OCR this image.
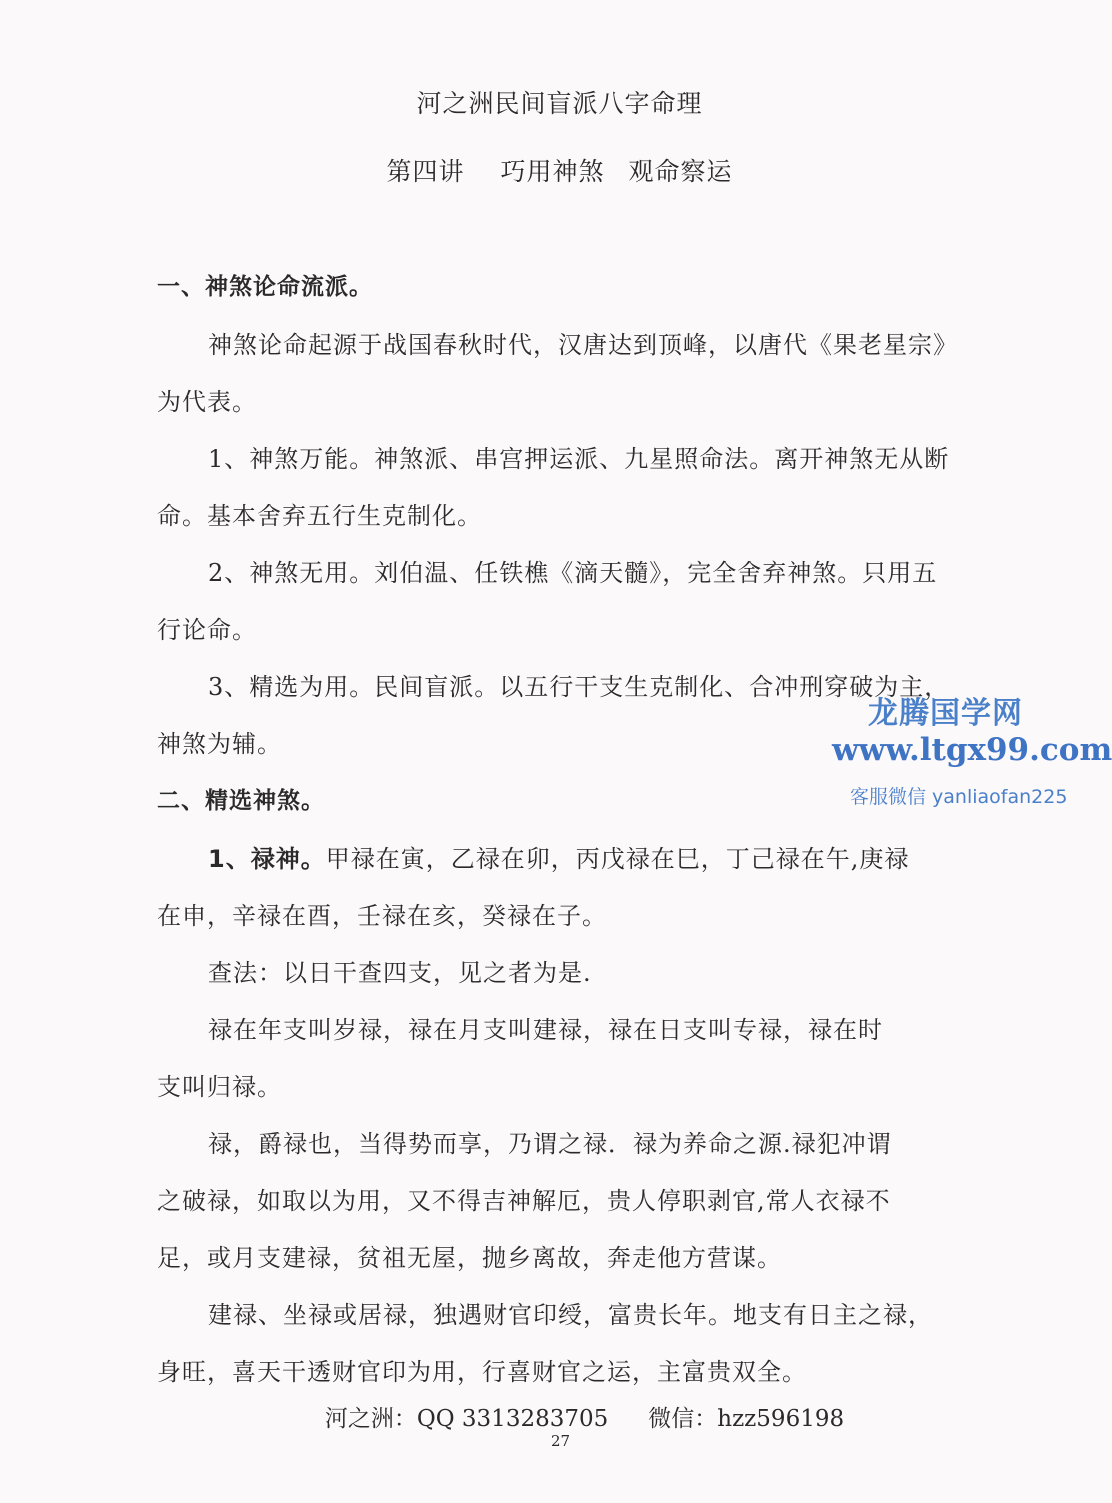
河之洲民间盲派八字命理
第四讲 巧用神煞 观命察运
一、神煞论命流派。
神煞论命起源于战国春秋时代，汉唐达到顶峰，以唐代《果老星宗》
为代表。
1、神煞万能。神煞派、串宫押运派、九星照命法。离开神煞无从断
命。基本舍弃五行生克制化。
2、神煞无用。刘伯温、任铁樵《滴天髓》，完全舍弃神煞。只用五
行论命。
3、精选为用。民间盲派。以五行干支生克制化、合冲刑穿破为主，
神煞为辅。
二、精选神煞。
1、禄神。甲禄在寅，乙禄在卯，丙戊禄在巳，丁己禄在午,庚禄
在申，辛禄在酉，壬禄在亥，癸禄在子。
查法：以日干查四支，见之者为是.
禄在年支叫岁禄，禄在月支叫建禄，禄在日支叫专禄，禄在时
支叫归禄。
禄，爵禄也，当得势而享，乃谓之禄．禄为养命之源.禄犯冲谓
之破禄，如取以为用，又不得吉神解厄，贵人停职剥官,常人衣禄不
足，或月支建禄，贫祖无屋，抛乡离故，奔走他方营谋。
建禄、坐禄或居禄，独遇财官印绶，富贵长年。地支有日主之禄，
身旺，喜天干透财官印为用，行喜财官之运，主富贵双全。
河之洲：QQ 3313283705 微信：hzz596198
27
龙腾国学网
www.ltgx99.com
客服微信 yanliaofan225
